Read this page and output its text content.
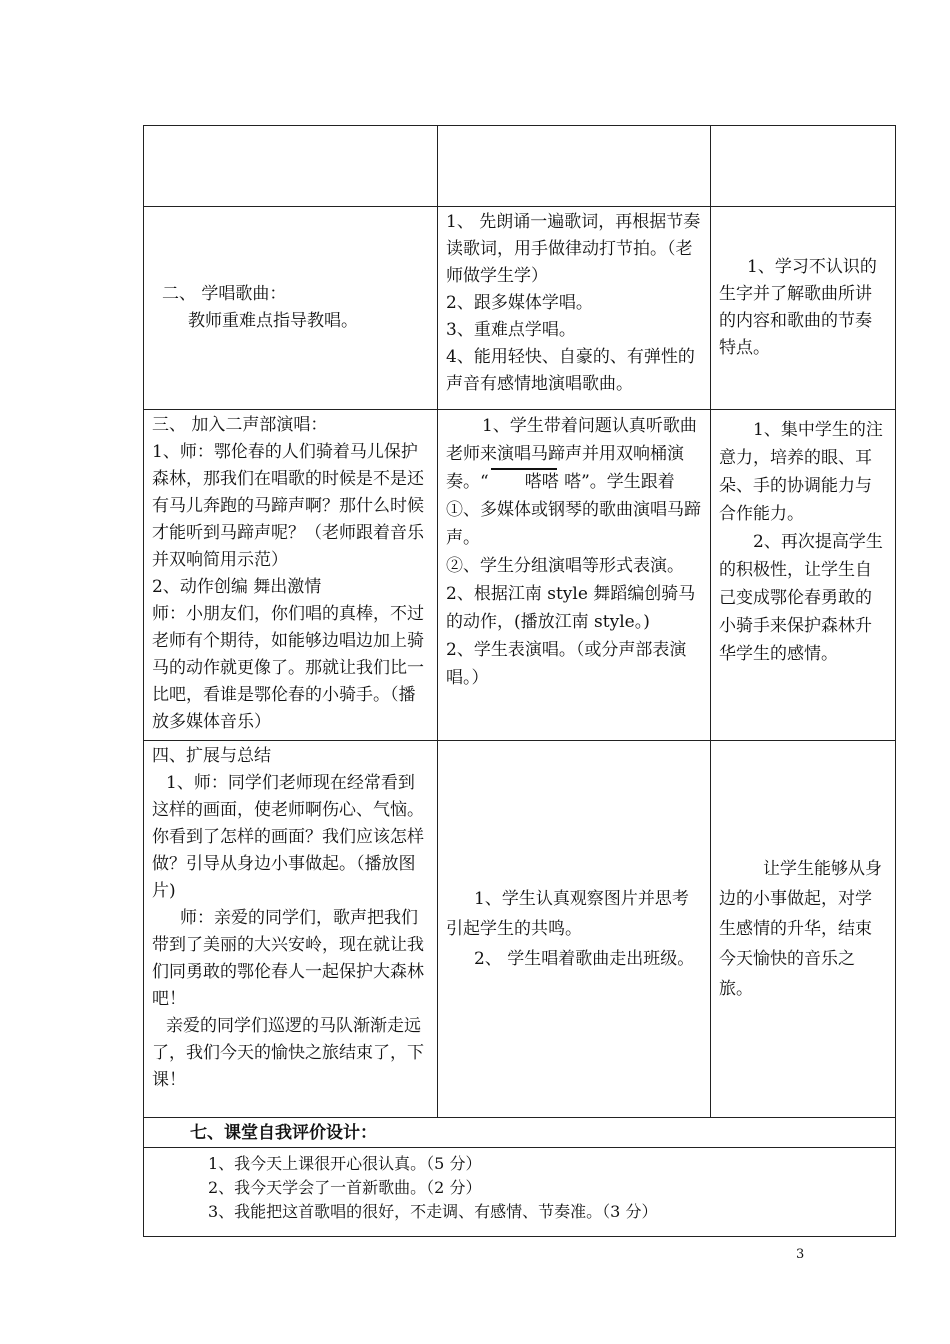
二、 学唱歌曲：
教师重难点指导教唱。	1、 先朗诵一遍歌词，再根据节奏读歌词，用手做律动打节拍。（老师做学生学）
2、跟多媒体学唱。
3、重难点学唱。
4、能用轻快、自豪的、有弹性的声音有感情地演唱歌曲。	1、学习不认识的生字并了解歌曲所讲的内容和歌曲的节奏特点。

三、 加入二声部演唱：
1、师：鄂伦春的人们骑着马儿保护森林，那我们在唱歌的时候是不是还有马儿奔跑的马蹄声啊？那什么时候才能听到马蹄声呢？（老师跟着音乐并双响简用示范）
2、动作创编 舞出激情
师：小朋友们，你们唱的真棒，不过老师有个期待，如能够边唱边加上骑马的动作就更像了。那就让我们比一比吧，看谁是鄂伦春的小骑手。（播放多媒体音乐）	1、学生带着问题认真听歌曲老师来演唱马蹄声并用双响桶演奏。“ 嗒嗒 嗒”。学生跟着①、多媒体或钢琴的歌曲演唱马蹄声。
②、学生分组演唱等形式表演。
2、根据江南 style 舞蹈编创骑马的动作，(播放江南 style。)
2、学生表演唱。（或分声部表演唱。）	1、集中学生的注意力，培养的眼、耳朵、手的协调能力与合作能力。
2、再次提高学生的积极性，让学生自己变成鄂伦春勇敢的小骑手来保护森林升华学生的感情。

四、扩展与总结
1、师：同学们老师现在经常看到这样的画面，使老师啊伤心、气恼。你看到了怎样的画面？我们应该怎样做？引导从身边小事做起。（播放图片)
师：亲爱的同学们，歌声把我们带到了美丽的大兴安岭，现在就让我们同勇敢的鄂伦春人一起保护大森林吧！
亲爱的同学们巡逻的马队渐渐走远了，我们今天的愉快之旅结束了，下课！	1、学生认真观察图片并思考引起学生的共鸣。
2、 学生唱着歌曲走出班级。	让学生能够从身边的小事做起，对学生感情的升华，结束今天愉快的音乐之旅。

七、课堂自我评价设计：		

1、我今天上课很开心很认真。（5 分）
2、我今天学会了一首新歌曲。（2 分）
3、我能把这首歌唱的很好，不走调、有感情、节奏准。（3 分）		
3
